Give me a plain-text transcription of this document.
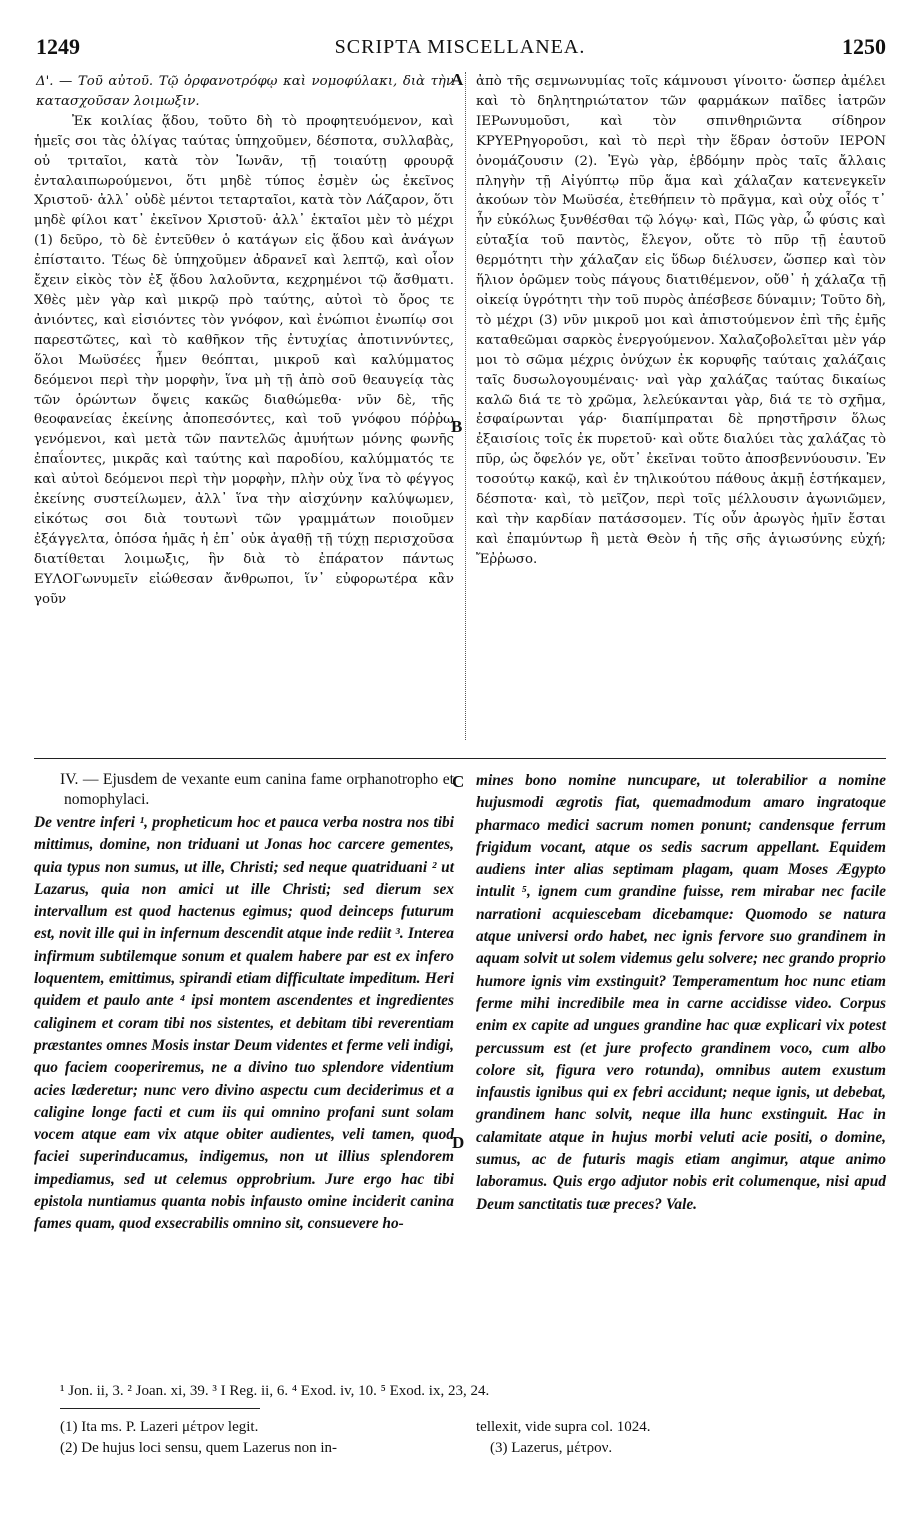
1249	SCRIPTA MISCELLANEA.	1250

Δ'. — Τοῦ αὐτοῦ. Τῷ ὀρφανοτρόφῳ καὶ νομοφύλακι, διὰ τὴν κατασχοῦσαν λοιμωξιν.

Ἐκ κοιλίας ᾅδου, τοῦτο δὴ τὸ προφητευόμενον, καὶ ἡμεῖς σοι τὰς ὀλίγας ταύτας ὑπηχοῦμεν, δέσποτα, συλλαβὰς, οὐ τριταῖοι, κατὰ τὸν Ἰωνᾶν, τῇ τοιαύτῃ φρουρᾷ ἐνταλαιπωρούμενοι, ὅτι μηδὲ τύπος ἐσμὲν ὡς ἐκεῖνος Χριστοῦ· ἀλλ᾽ οὐδὲ μέντοι τεταρταῖοι, κατὰ τὸν Λάζαρον, ὅτι μηδὲ φίλοι κατ᾽ ἐκεῖνον Χριστοῦ· ἀλλ᾽ ἑκταῖοι μὲν τὸ μέχρι (1) δεῦρο, τὸ δὲ ἐντεῦθεν ὁ κατάγων εἰς ᾅδου καὶ ἀνάγων ἐπίσταιτο. Τέως δὲ ὑπηχοῦμεν ἀδρανεῖ καὶ λεπτῷ, καὶ οἷον ἔχειν εἰκὸς τὸν ἐξ ᾅδου λαλοῦντα, κεχρημένοι τῷ ἄσθματι. Χθὲς μὲν γὰρ καὶ μικρῷ πρὸ ταύτης, αὐτοὶ τὸ ὄρος τε ἀνιόντες, καὶ εἰσιόντες τὸν γνόφον, καὶ ἐνώπιοι ἐνωπίῳ σοι παρεστῶτες, καὶ τὸ καθῆκον τῆς ἐντυχίας ἀποτιννύντες, ὅλοι Μωϋσέες ἦμεν θεόπται, μικροῦ καὶ καλύμματος δεόμενοι περὶ τὴν μορφὴν, ἵνα μὴ τῇ ἀπὸ σοῦ θεαυγείᾳ τὰς τῶν ὁρώντων ὄψεις κακῶς διαθώμεθα· νῦν δὲ, τῆς θεοφανείας ἐκείνης ἀποπεσόντες, καὶ τοῦ γνόφου πόῤῥω γενόμενοι, καὶ μετὰ τῶν παντελῶς ἀμυήτων μόνης φωνῆς ἐπαΐοντες, μικρᾶς καὶ ταύτης καὶ παροδίου, καλύμματός τε καὶ αὐτοὶ δεόμενοι περὶ τὴν μορφὴν, πλὴν οὐχ ἵνα τὸ φέγγος ἐκείνης συστείλωμεν, ἀλλ᾽ ἵνα τὴν αἰσχύνην καλύψωμεν, εἰκότως σοι διὰ τουτωνὶ τῶν γραμμάτων ποιοῦμεν ἐξάγγελτα, ὁπόσα ἡμᾶς ἡ ἐπ᾽ οὐκ ἀγαθῇ τῇ τύχῃ περισχοῦσα διατίθεται λοιμωξις, ἣν διὰ τὸ ἐπάρατον πάντως ΕΥΛΟΓωνυμεῖν εἰώθεσαν ἄνθρωποι, ἵν᾽ εὐφορωτέρα κἂν γοῦν

ἀπὸ τῆς σεμνωνυμίας τοῖς κάμνουσι γίνοιτο· ὥσπερ ἀμέλει καὶ τὸ δηλητηριώτατον τῶν φαρμάκων παῖδες ἰατρῶν ΙΕΡωνυμοῦσι, καὶ τὸν σπινθηριῶντα σίδηρον ΚΡΥΕΡηγοροῦσι, καὶ τὸ περὶ τὴν ἕδραν ὀστοῦν ΙΕΡΟΝ ὀνομάζουσιν (2). Ἐγὼ γὰρ, ἑβδόμην πρὸς ταῖς ἄλλαις πληγὴν τῇ Αἰγύπτῳ πῦρ ἅμα καὶ χάλαζαν κατενεγκεῖν ἀκούων τὸν Μωϋσέα, ἐτεθήπειν τὸ πρᾶγμα, καὶ οὐχ οἷός τ᾽ ἦν εὐκόλως ξυνθέσθαι τῷ λόγῳ· καὶ, Πῶς γὰρ, ὦ φύσις καὶ εὐταξία τοῦ παντὸς, ἔλεγον, οὔτε τὸ πῦρ τῇ ἑαυτοῦ θερμότητι τὴν χάλαζαν εἰς ὕδωρ διέλυσεν, ὥσπερ καὶ τὸν ἥλιον ὁρῶμεν τοὺς πάγους διατιθέμενον, οὔθ᾽ ἡ χάλαζα τῇ οἰκείᾳ ὑγρότητι τὴν τοῦ πυρὸς ἀπέσβεσε δύναμιν; Τοῦτο δὴ, τὸ μέχρι (3) νῦν μικροῦ μοι καὶ ἀπιστούμενον ἐπὶ τῆς ἐμῆς καταθεῶμαι σαρκὸς ἐνεργούμενον. Χαλαζοβολεῖται μὲν γάρ μοι τὸ σῶμα μέχρις ὀνύχων ἐκ κορυφῆς ταύταις χαλάζαις ταῖς δυσωλογουμέναις· ναὶ γὰρ χαλάζας ταύτας δικαίως καλῶ διά τε τὸ χρῶμα, λελεύκανται γὰρ, διά τε τὸ σχῆμα, ἐσφαίρωνται γάρ· διαπίμπραται δὲ πρηστῆρσιν ὅλως ἐξαισίοις τοῖς ἐκ πυρετοῦ· καὶ οὔτε διαλύει τὰς χαλάζας τὸ πῦρ, ὡς ὄφελόν γε, οὔτ᾽ ἐκεῖναι τοῦτο ἀποσβεννύουσιν. Ἐν τοσούτῳ κακῷ, καὶ ἐν τηλικούτου πάθους ἀκμῇ ἑστήκαμεν, δέσποτα· καὶ, τὸ μεῖζον, περὶ τοῖς μέλλουσιν ἀγωνιῶμεν, καὶ τὴν καρδίαν πατάσσομεν. Τίς οὖν ἀρωγὸς ἡμῖν ἔσται καὶ ἐπαμύντωρ ἢ μετὰ Θεὸν ἡ τῆς σῆς ἁγιωσύνης εὐχή; Ἔῤῥωσο.

A
B

IV. — Ejusdem de vexante eum canina fame orphanotropho et nomophylaci.

De ventre inferi ¹, propheticum hoc et pauca verba nostra nos tibi mittimus, domine, non triduani ut Jonas hoc carcere gementes, quia typus non sumus, ut ille, Christi; sed neque quatriduani ² ut Lazarus, quia non amici ut ille Christi; sed dierum sex intervallum est quod hactenus egimus; quod deinceps futurum est, novit ille qui in infernum descendit atque inde rediit ³. Interea infirmum subtilemque sonum et qualem habere par est ex infero loquentem, emittimus, spirandi etiam difficultate impeditum. Heri quidem et paulo ante ⁴ ipsi montem ascendentes et ingredientes caliginem et coram tibi nos sistentes, et debitam tibi reverentiam præstantes omnes Mosis instar Deum videntes et ferme veli indigi, quo faciem cooperiremus, ne a divino tuo splendore videntium acies læderetur; nunc vero divino aspectu cum deciderimus et a caligine longe facti et cum iis qui omnino profani sunt solam vocem atque eam vix atque obiter audientes, veli tamen, quod faciei superinducamus, indigemus, non ut illius splendorem impediamus, sed ut celemus opprobrium. Jure ergo hac tibi epistola nuntiamus quanta nobis infausto omine inciderit canina fames quam, quod exsecrabilis omnino sit, consuevere ho-

mines bono nomine nuncupare, ut tolerabilior a nomine hujusmodi ægrotis fiat, quemadmodum amaro ingratoque pharmaco medici sacrum nomen ponunt; candensque ferrum frigidum vocant, atque os sedis sacrum appellant. Equidem audiens inter alias septimam plagam, quam Moses Ægypto intulit ⁵, ignem cum grandine fuisse, rem mirabar nec facile narrationi acquiescebam dicebamque: Quomodo se natura atque universi ordo habet, nec ignis fervore suo grandinem in aquam solvit ut solem videmus gelu solvere; nec grando proprio humore ignis vim exstinguit? Temperamentum hoc nunc etiam ferme mihi incredibile mea in carne accidisse video. Corpus enim ex capite ad ungues grandine hac quæ explicari vix potest percussum est (et jure profecto grandinem voco, cum albo colore sit, figura vero rotunda), omnibus autem exustum infaustis ignibus qui ex febri accidunt; neque ignis, ut debebat, grandinem hanc solvit, neque illa hunc exstinguit. Hac in calamitate atque in hujus morbi veluti acie positi, o domine, sumus, ac de futuris magis etiam angimur, atque animo laboramus. Quis ergo adjutor nobis erit columenque, nisi apud Deum sanctitatis tuæ preces? Vale.

C
D
¹ Jon. ii, 3. ² Joan. xi, 39. ³ I Reg. ii, 6. ⁴ Exod. iv, 10. ⁵ Exod. ix, 23, 24.
(1) Ita ms. P. Lazeri μέτρον legit.
(2) De hujus loci sensu, quem Lazerus non in-
tellexit, vide supra col. 1024.
(3) Lazerus, μέτρον.
